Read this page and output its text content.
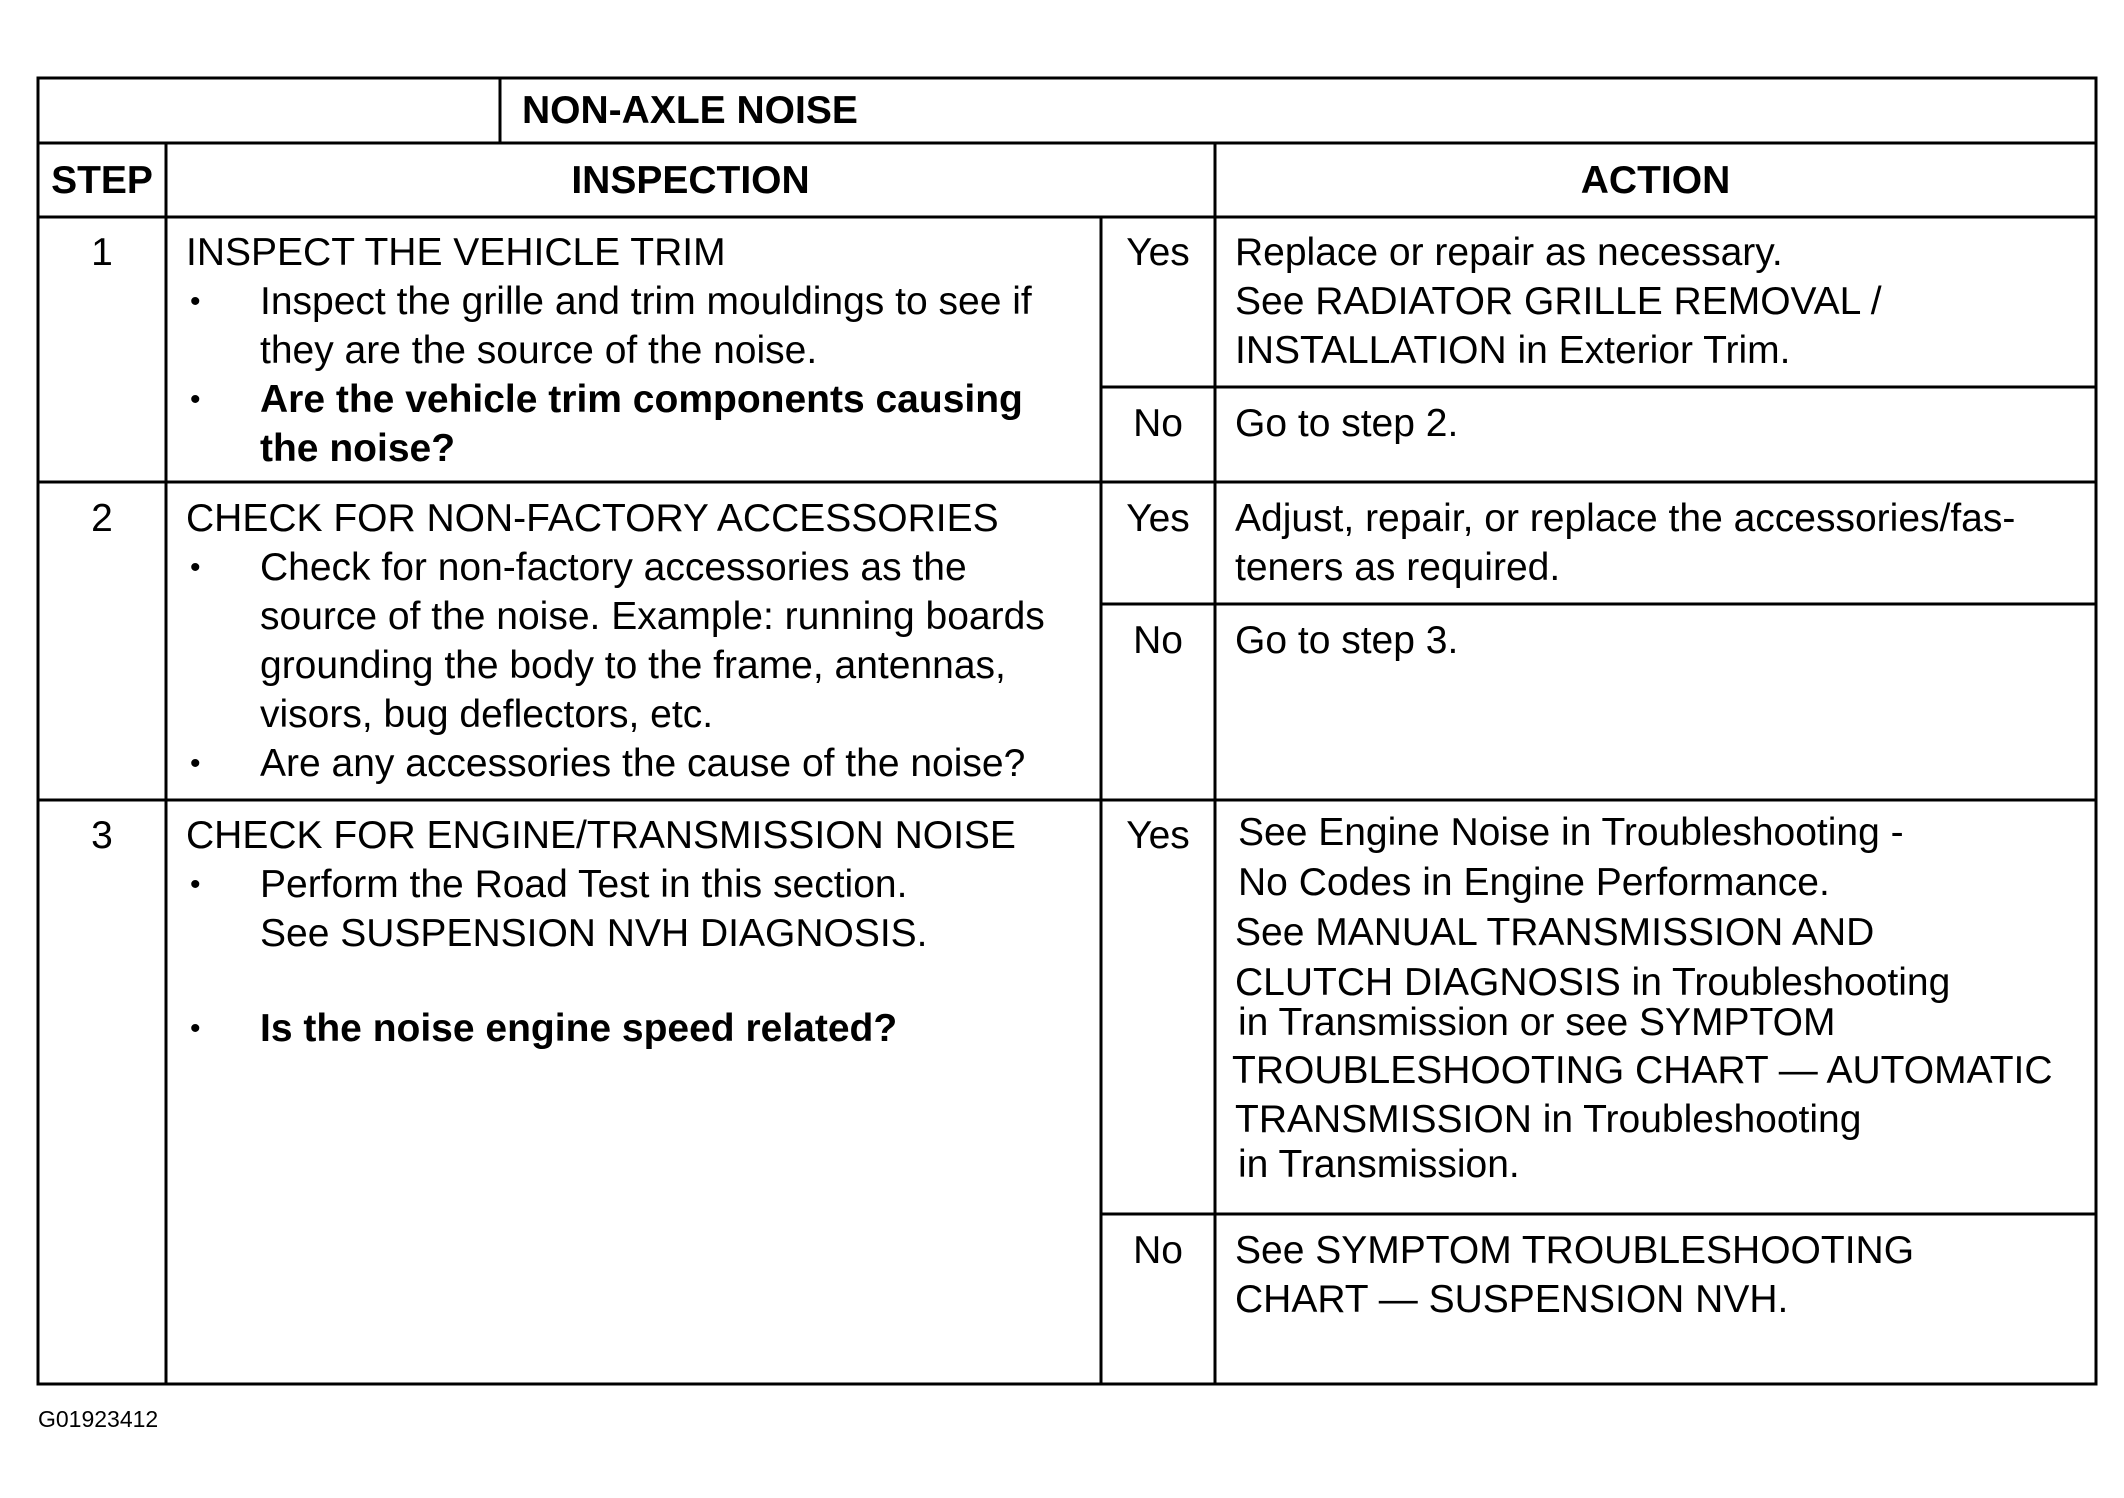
NON-AXLE NOISE
STEP	INSPECTION	ACTION
1	INSPECT THE VEHICLE TRIM
• Inspect the grille and trim mouldings to see if
they are the source of the noise.
• Are the vehicle trim components causing
the noise?
Yes	Replace or repair as necessary.
See RADIATOR GRILLE REMOVAL /
INSTALLATION in Exterior Trim.
No	Go to step 2.
2	CHECK FOR NON-FACTORY ACCESSORIES
• Check for non-factory accessories as the
source of the noise. Example: running boards
grounding the body to the frame, antennas,
visors, bug deflectors, etc.
• Are any accessories the cause of the noise?
Yes	Adjust, repair, or replace the accessories/fas-
teners as required.
No	Go to step 3.
3	CHECK FOR ENGINE/TRANSMISSION NOISE
• Perform the Road Test in this section.
See SUSPENSION NVH DIAGNOSIS.
• Is the noise engine speed related?
Yes	See Engine Noise in Troubleshooting -
No Codes in Engine Performance.
See MANUAL TRANSMISSION AND
CLUTCH DIAGNOSIS in Troubleshooting
in Transmission or see SYMPTOM
TROUBLESHOOTING CHART — AUTOMATIC
TRANSMISSION in Troubleshooting
in Transmission.
No	See SYMPTOM TROUBLESHOOTING
CHART — SUSPENSION NVH.
G01923412
